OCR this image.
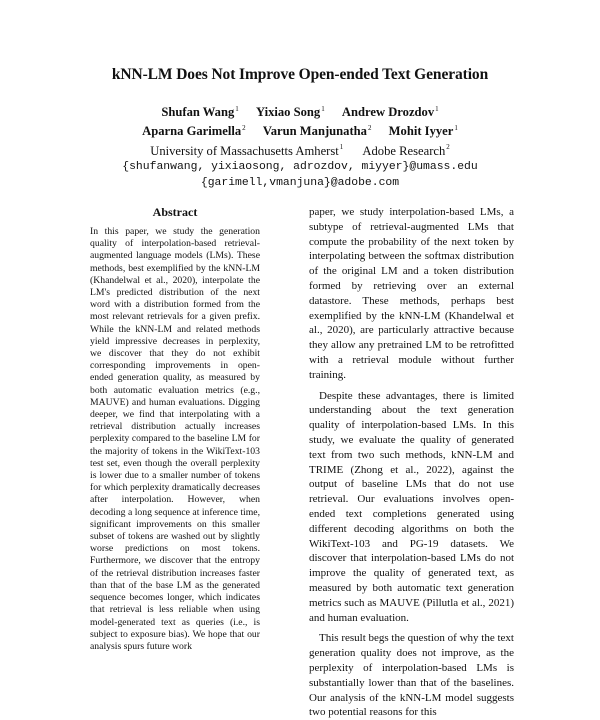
kNN-LM Does Not Improve Open-ended Text Generation
Shufan Wang$^1$ Yixiao Song$^1$ Andrew Drozdov$^1$
Aparna Garimella$^2$ Varun Manjunatha$^2$ Mohit Iyyer$^1$
University of Massachusetts Amherst$^1$ Adobe Research$^2$
{shufanwang, yixiaosong, adrozdov, miyyer}@umass.edu
{garimell,vmanjuna}@adobe.com
Abstract

In this paper, we study the generation quality of interpolation-based retrieval-augmented language models (LMs). These methods, best exemplified by the kNN-LM (Khandelwal et al., 2020), interpolate the LM's predicted distribution of the next word with a distribution formed from the most relevant retrievals for a given prefix. While the kNN-LM and related methods yield impressive decreases in perplexity, we discover that they do not exhibit corresponding improvements in open-ended generation quality, as measured by both automatic evaluation metrics (e.g., MAUVE) and human evaluations. Digging deeper, we find that interpolating with a retrieval distribution actually increases perplexity compared to the baseline LM for the majority of tokens in the WikiText-103 test set, even though the overall perplexity is lower due to a smaller number of tokens for which perplexity dramatically decreases after interpolation. However, when decoding a long sequence at inference time, significant improvements on this smaller subset of tokens are washed out by slightly worse predictions on most tokens. Furthermore, we discover that the entropy of the retrieval distribution increases faster than that of the base LM as the generated sequence becomes longer, which indicates that retrieval is less reliable when using model-generated text as queries (i.e., is subject to exposure bias). We hope that our analysis spurs future work

paper, we study interpolation-based LMs, a subtype of retrieval-augmented LMs that compute the probability of the next token by interpolating between the softmax distribution of the original LM and a token distribution formed by retrieving over an external datastore. These methods, perhaps best exemplified by the kNN-LM (Khandelwal et al., 2020), are particularly attractive because they allow any pretrained LM to be retrofitted with a retrieval module without further training.

Despite these advantages, there is limited understanding about the text generation quality of interpolation-based LMs. In this study, we evaluate the quality of generated text from two such methods, kNN-LM and TRIME (Zhong et al., 2022), against the output of baseline LMs that do not use retrieval. Our evaluations involves open-ended text completions generated using different decoding algorithms on both the WikiText-103 and PG-19 datasets. We discover that interpolation-based LMs do not improve the quality of generated text, as measured by both automatic text generation metrics such as MAUVE (Pillutla et al., 2021) and human evaluation.

This result begs the question of why the text generation quality does not improve, as the perplexity of interpolation-based LMs is substantially lower than that of the baselines. Our analysis of the kNN-LM model suggests two potential reasons for this
